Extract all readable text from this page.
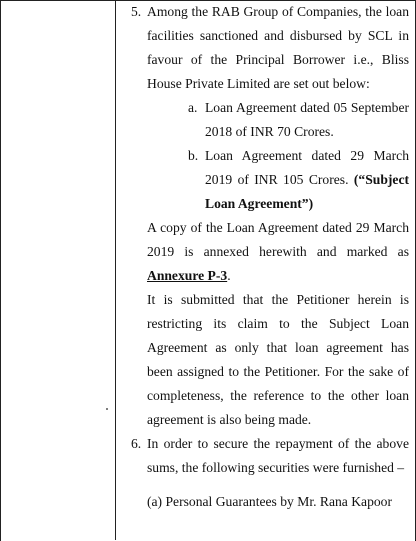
5. Among the RAB Group of Companies, the loan facilities sanctioned and disbursed by SCL in favour of the Principal Borrower i.e., Bliss House Private Limited are set out below:

a. Loan Agreement dated 05 September 2018 of INR 70 Crores.

b. Loan Agreement dated 29 March 2019 of INR 105 Crores. (“Subject Loan Agreement”)

A copy of the Loan Agreement dated 29 March 2019 is annexed herewith and marked as Annexure P-3.

It is submitted that the Petitioner herein is restricting its claim to the Subject Loan Agreement as only that loan agreement has been assigned to the Petitioner. For the sake of completeness, the reference to the other loan agreement is also being made.

6. In order to secure the repayment of the above sums, the following securities were furnished –

(a) Personal Guarantees by Mr. Rana Kapoor
